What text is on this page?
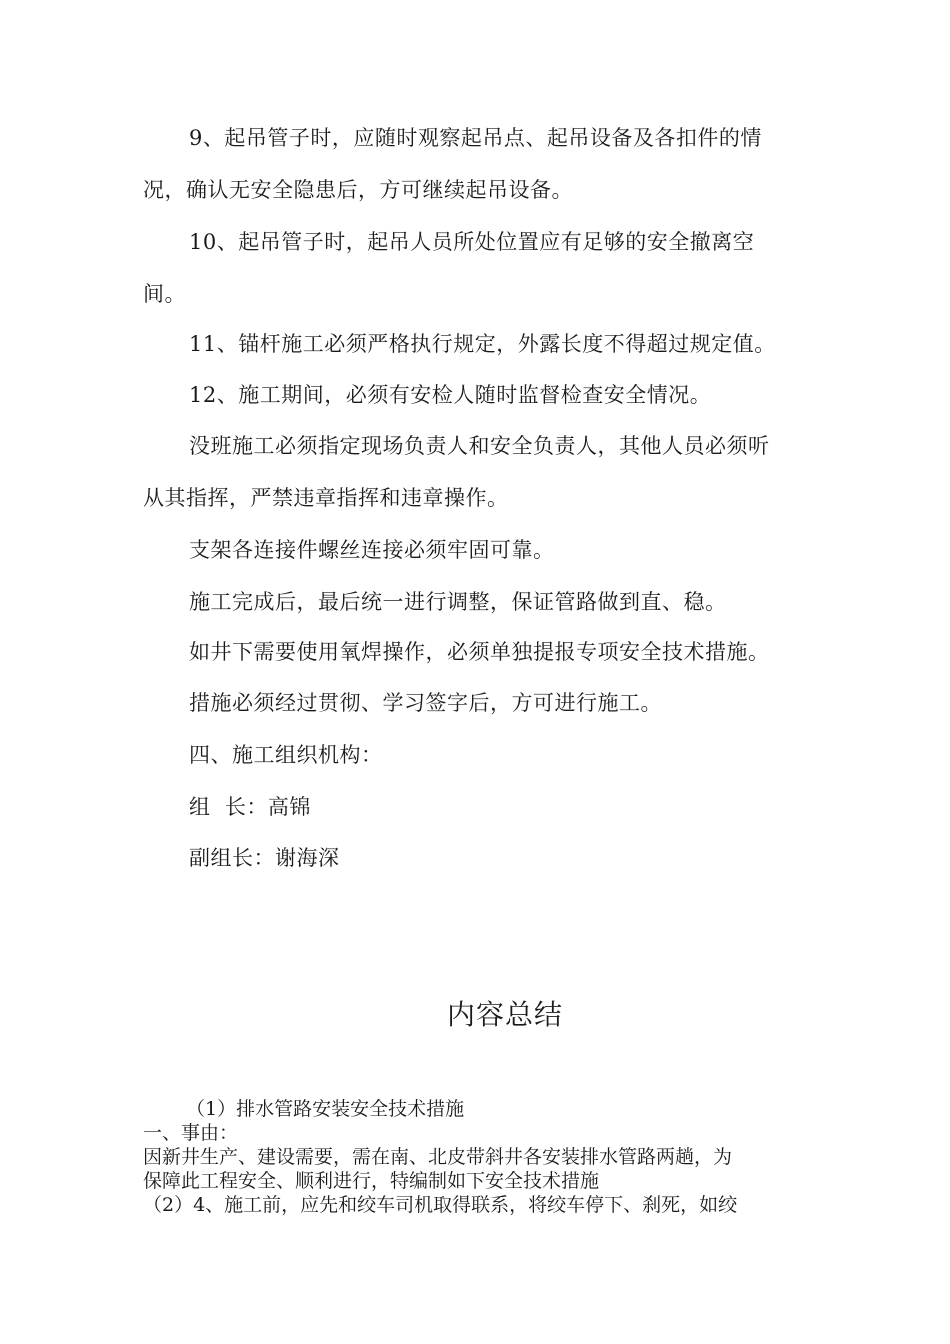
9、起吊管子时，应随时观察起吊点、起吊设备及各扣件的情
况，确认无安全隐患后，方可继续起吊设备。
10、起吊管子时，起吊人员所处位置应有足够的安全撤离空
间。
11、锚杆施工必须严格执行规定，外露长度不得超过规定值。
12、施工期间，必须有安检人随时监督检查安全情况。
没班施工必须指定现场负责人和安全负责人，其他人员必须听
从其指挥，严禁违章指挥和违章操作。
支架各连接件螺丝连接必须牢固可靠。
施工完成后，最后统一进行调整，保证管路做到直、稳。
如井下需要使用氧焊操作，必须单独提报专项安全技术措施。
措施必须经过贯彻、学习签字后，方可进行施工。
四、施工组织机构：
组  长：高锦
副组长：谢海深
内容总结
（1）排水管路安装安全技术措施
一、事由：
因新井生产、建设需要，需在南、北皮带斜井各安装排水管路两趟，为
保障此工程安全、顺利进行，特编制如下安全技术措施
（2）4、施工前，应先和绞车司机取得联系，将绞车停下、刹死，如绞
